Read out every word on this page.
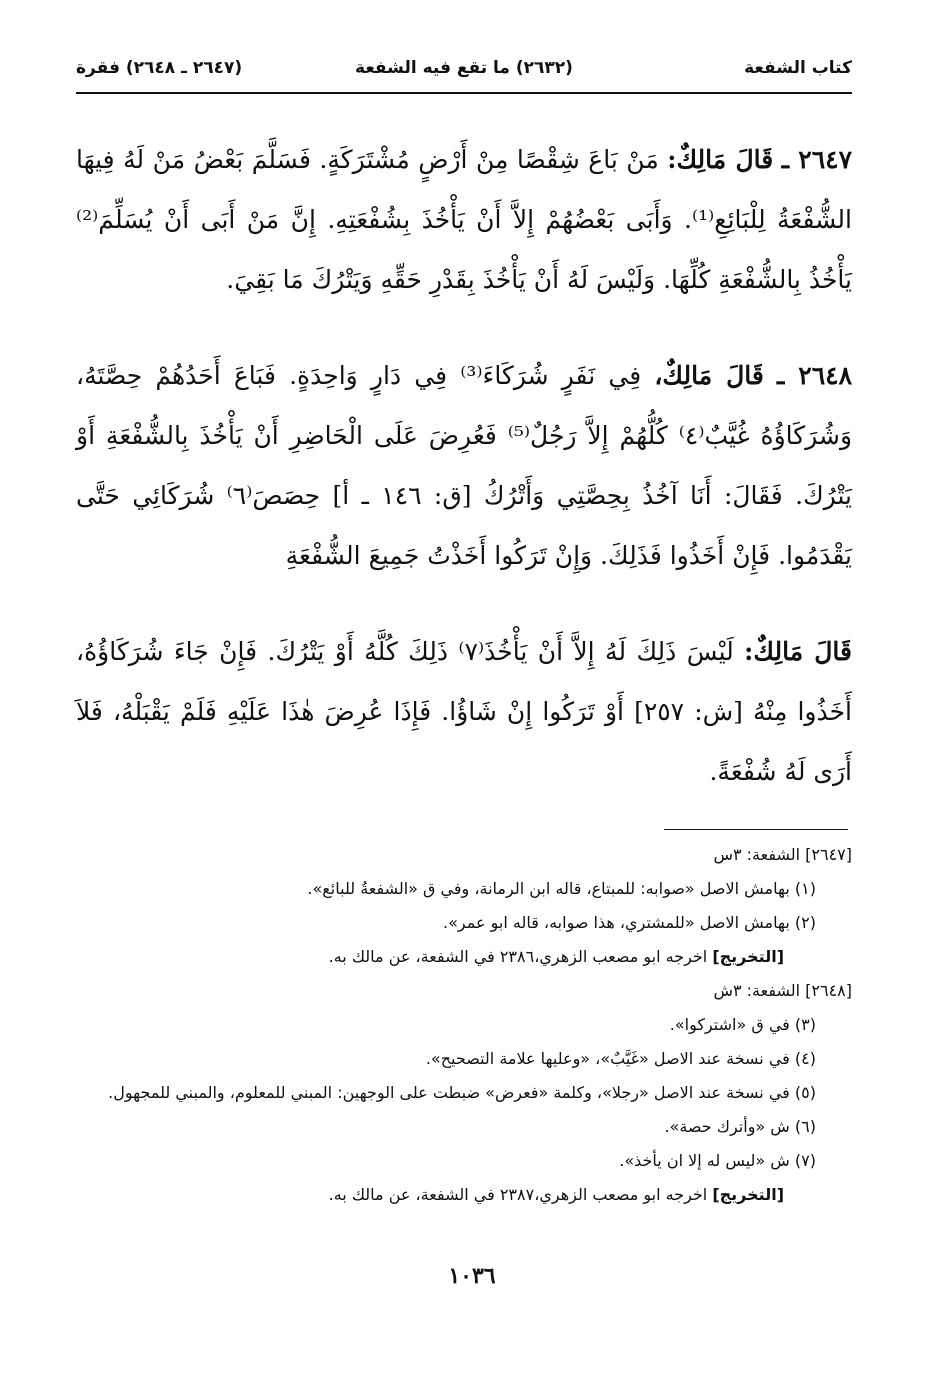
كتاب الشفعة
(٢٦٣٢) ما تقع فيه الشفعة
(٢٦٤٧ ـ ٢٦٤٨) فقرة

٢٦٤٧ ـ قَالَ مَالِكٌ: مَنْ بَاعَ شِقْصًا مِنْ أَرْضٍ مُشْتَرَكَةٍ. فَسَلَّمَ بَعْضُ مَنْ لَهُ فِيهَا الشُّفْعَةُ لِلْبَائِعِ⁽¹⁾. وَأَبَى بَعْضُهُمْ إِلاَّ أَنْ يَأْخُذَ بِشُفْعَتِهِ. إِنَّ مَنْ أَبَى أَنْ يُسَلِّمَ⁽²⁾ يَأْخُذُ بِالشُّفْعَةِ كُلِّهَا. وَلَيْسَ لَهُ أَنْ يَأْخُذَ بِقَدْرِ حَقِّهِ وَيَتْرُكَ مَا بَقِيَ.

٢٦٤٨ ـ قَالَ مَالِكٌ، فِي نَفَرٍ شُرَكَاءَ⁽³⁾ فِي دَارٍ وَاحِدَةٍ. فَبَاعَ أَحَدُهُمْ حِصَّتَهُ، وَشُرَكَاؤُهُ غُيَّبٌ⁽٤⁾ كُلُّهُمْ إِلاَّ رَجُلٌ⁽⁵⁾ فَعُرِضَ عَلَى الْحَاضِرِ أَنْ يَأْخُذَ بِالشُّفْعَةِ أَوْ يَتْرُكَ. فَقَالَ: أَنَا آخُذُ بِحِصَّتِي وَأَتْرُكُ [ق: ١٤٦ ـ أ] حِصَصَ⁽٦⁾ شُرَكَائِي حَتَّى يَقْدَمُوا. فَإِنْ أَخَذُوا فَذَلِكَ. وَإِنْ تَرَكُوا أَخَذْتُ جَمِيعَ الشُّفْعَةِ

قَالَ مَالِكٌ: لَيْسَ ذَلِكَ لَهُ إِلاَّ أَنْ يَأْخُذَ⁽٧⁾ ذَلِكَ كُلَّهُ أَوْ يَتْرُكَ. فَإِنْ جَاءَ شُرَكَاؤُهُ، أَخَذُوا مِنْهُ [ش: ٢٥٧] أَوْ تَرَكُوا إِنْ شَاؤُا. فَإِذَا عُرِضَ هٰذَا عَلَيْهِ فَلَمْ يَقْبَلْهُ، فَلاَ أَرَى لَهُ شُفْعَةً.

[٢٦٤٧] الشفعة: ٣س

(١) بهامش الاصل «صوابه: للمبتاع، قاله ابن الرمانة، وفي ق «الشفعةُ للبائع».

(٢) بهامش الاصل «للمشتري، هذا صوابه، قاله ابو عمر».

[التخريج] اخرجه ابو مصعب الزهري،٢٣٨٦ في الشفعة، عن مالك به.

[٢٦٤٨] الشفعة: ٣ش

(٣) في ق «اشتركوا».

(٤) في نسخة عند الاصل «غَيَّبٌ»، «وعليها علامة التصحيح».

(٥) في نسخة عند الاصل «رجلا»، وكلمة «فعرض» ضبطت على الوجهين: المبني للمعلوم، والمبني للمجهول.

(٦) ش «وأترك حصة».

(٧) ش «ليس له إلا ان يأخذ».

[التخريج] اخرجه ابو مصعب الزهري،٢٣٨٧ في الشفعة، عن مالك به.

١٠٣٦
